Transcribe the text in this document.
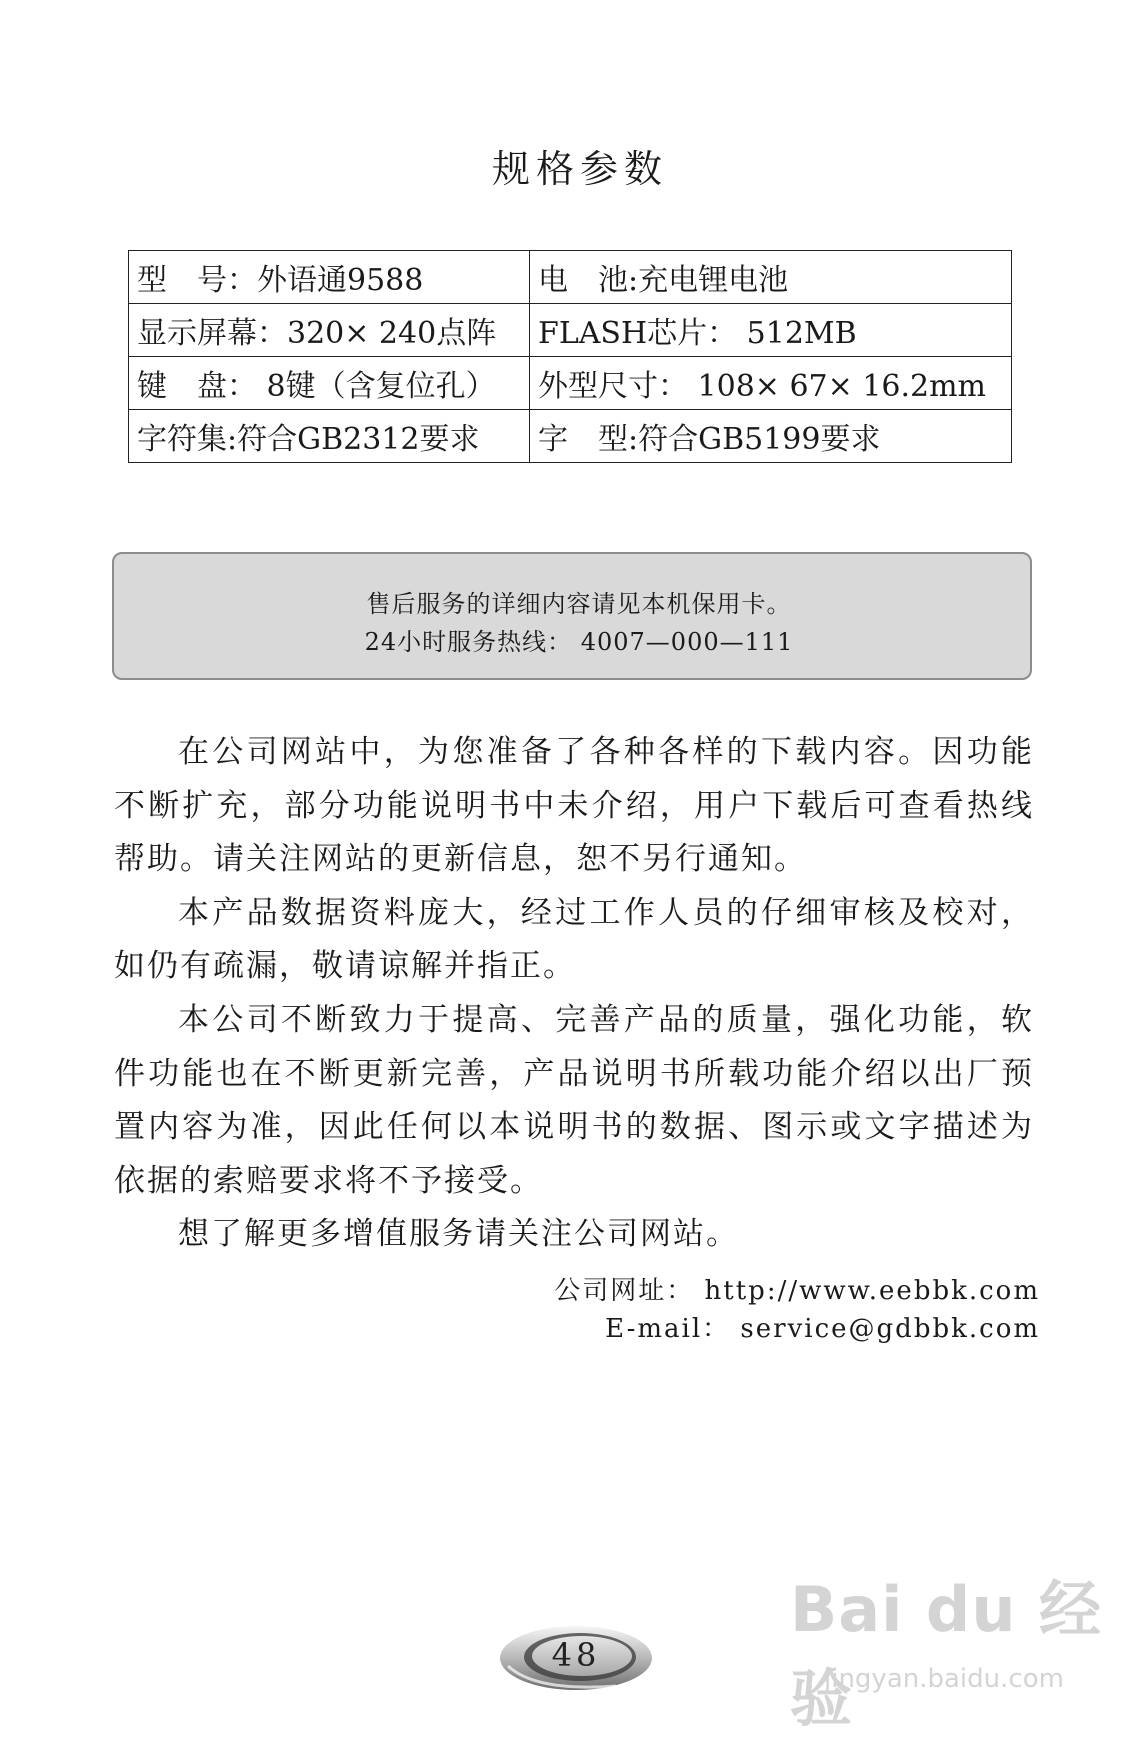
规格参数
型　号：外语通9588	电　池:充电锂电池
显示屏幕：320× 240点阵	FLASH芯片： 512MB
键　盘： 8键（含复位孔）	外型尺寸： 108× 67× 16.2mm
字符集:符合GB2312要求	字　型:符合GB5199要求
售后服务的详细内容请见本机保用卡。
24小时服务热线： 4007—000—111

在公司网站中，为您准备了各种各样的下载内容。因功能不断扩充，部分功能说明书中未介绍，用户下载后可查看热线帮助。请关注网站的更新信息，恕不另行通知。

本产品数据资料庞大，经过工作人员的仔细审核及校对，如仍有疏漏，敬请谅解并指正。

本公司不断致力于提高、完善产品的质量，强化功能，软件功能也在不断更新完善，产品说明书所载功能介绍以出厂预置内容为准，因此任何以本说明书的数据、图示或文字描述为依据的索赔要求将不予接受。

想了解更多增值服务请关注公司网站。

公司网址： http://www.eebbk.com
E-mail： service@gdbbk.com
48
Bai du 经验
jingyan.baidu.com
